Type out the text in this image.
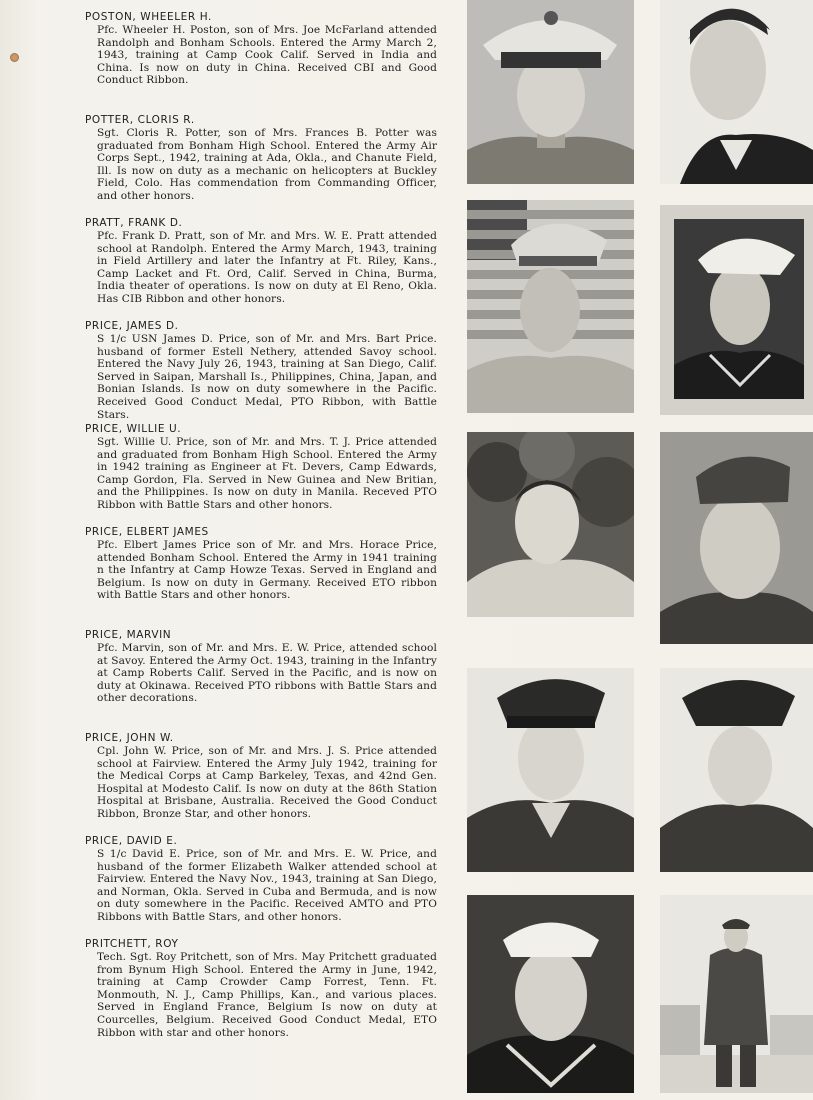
POSTON, WHEELER H.

Pfc. Wheeler H. Poston, son of Mrs. Joe McFarland attended Randolph and Bonham Schools. Entered the Army March 2, 1943, training at Camp Cook Calif. Served in India and China. Is now on duty in China. Received CBI and Good Conduct Ribbon.

POTTER, CLORIS R.

Sgt. Cloris R. Potter, son of Mrs. Frances B. Potter was graduated from Bonham High School. Entered the Army Air Corps Sept., 1942, training at Ada, Okla., and Chanute Field, Ill. Is now on duty as a mechanic on helicopters at Buckley Field, Colo. Has commendation from Commanding Officer, and other honors.

PRATT, FRANK D.

Pfc. Frank D. Pratt, son of Mr. and Mrs. W. E. Pratt attended school at Randolph. Entered the Army March, 1943, training in Field Artillery and later the Infantry at Ft. Riley, Kans., Camp Lacket and Ft. Ord, Calif. Served in China, Burma, India theater of operations. Is now on duty at El Reno, Okla. Has CIB Ribbon and other honors.

PRICE, JAMES D.

S 1/c USN James D. Price, son of Mr. and Mrs. Bart Price. husband of former Estell Nethery, attended Savoy school. Entered the Navy July 26, 1943, training at San Diego, Calif. Served in Saipan, Marshall Is., Philippines, China, Japan, and Bonian Islands. Is now on duty somewhere in the Pacific. Received Good Conduct Medal, PTO Ribbon, with Battle Stars.

PRICE, WILLIE U.

Sgt. Willie U. Price, son of Mr. and Mrs. T. J. Price attended and graduated from Bonham High School. Entered the Army in 1942 training as Engineer at Ft. Devers, Camp Edwards, Camp Gordon, Fla. Served in New Guinea and New Britian, and the Philippines. Is now on duty in Manila. Receved PTO Ribbon with Battle Stars and other honors.

PRICE, ELBERT JAMES

Pfc. Elbert James Price son of Mr. and Mrs. Horace Price, attended Bonham School. Entered the Army in 1941 training n the Infantry at Camp Howze Texas. Served in England and Belgium. Is now on duty in Germany. Received ETO ribbon with Battle Stars and other honors.

PRICE, MARVIN

Pfc. Marvin, son of Mr. and Mrs. E. W. Price, attended school at Savoy. Entered the Army Oct. 1943, training in the Infantry at Camp Roberts Calif. Served in the Pacific, and is now on duty at Okinawa. Received PTO ribbons with Battle Stars and other decorations.

PRICE, JOHN W.

Cpl. John W. Price, son of Mr. and Mrs. J. S. Price attended school at Fairview. Entered the Army July 1942, training for the Medical Corps at Camp Barkeley, Texas, and 42nd Gen. Hospital at Modesto Calif. Is now on duty at the 86th Station Hospital at Brisbane, Australia. Received the Good Conduct Ribbon, Bronze Star, and other honors.

PRICE, DAVID E.

S 1/c David E. Price, son of Mr. and Mrs. E. W. Price, and husband of the former Elizabeth Walker attended school at Fairview. Entered the Navy Nov., 1943, training at San Diego, and Norman, Okla. Served in Cuba and Bermuda, and is now on duty somewhere in the Pacific. Received AMTO and PTO Ribbons with Battle Stars, and other honors.

PRITCHETT, ROY

Tech. Sgt. Roy Pritchett, son of Mrs. May Pritchett graduated from Bynum High School. Entered the Army in June, 1942, training at Camp Crowder Camp Forrest, Tenn. Ft. Monmouth, N. J., Camp Phillips, Kan., and various places. Served in England France, Belgium Is now on duty at Courcelles, Belgium. Received Good Conduct Medal, ETO Ribbon with star and other honors.
